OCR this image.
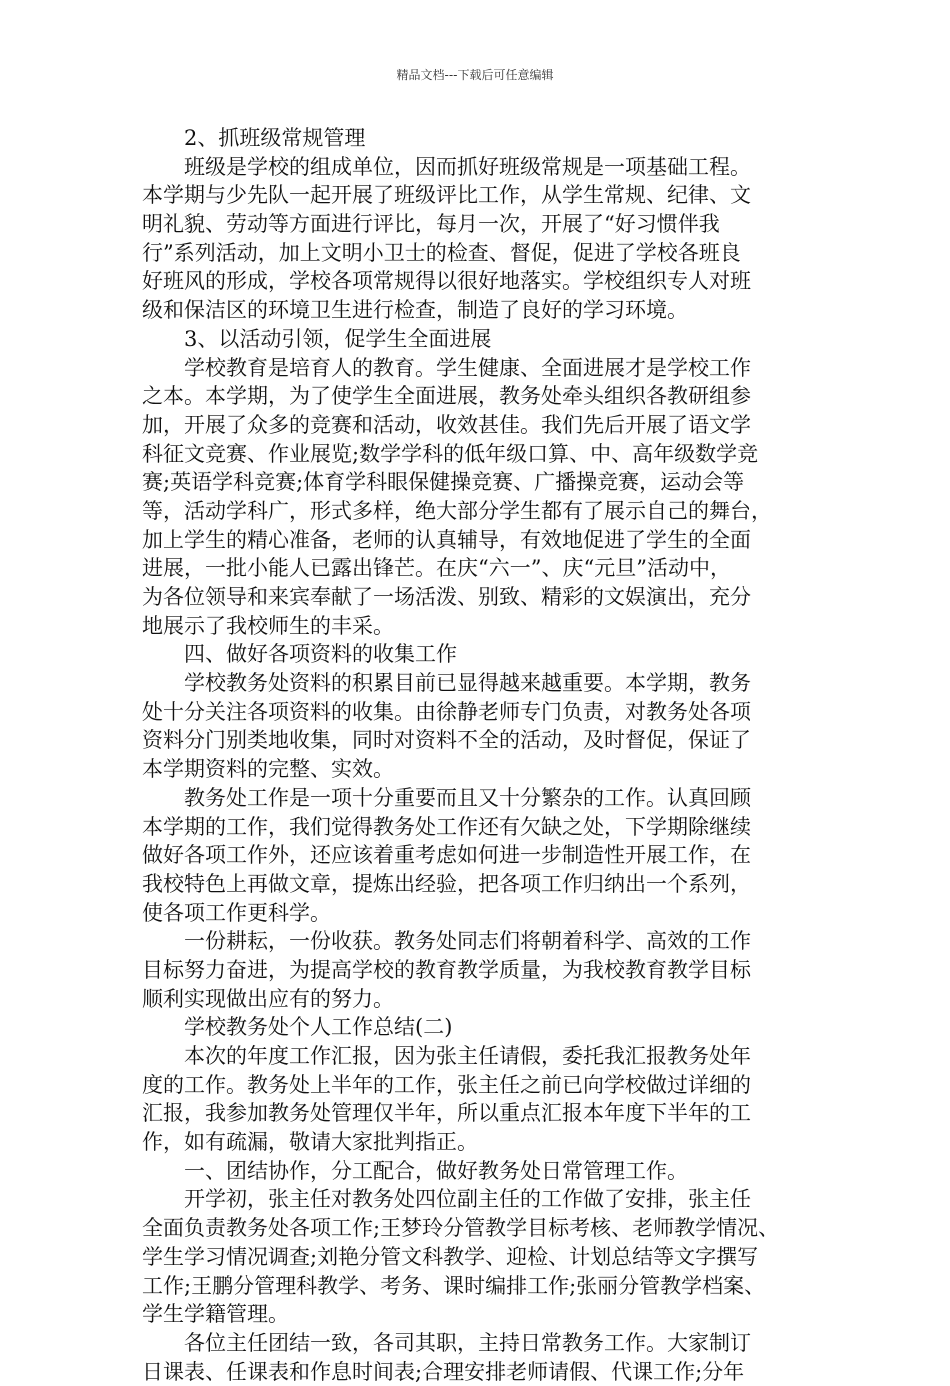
精品文档---下载后可任意编辑
2、抓班级常规管理
班级是学校的组成单位，因而抓好班级常规是一项基础工程。
本学期与少先队一起开展了班级评比工作，从学生常规、纪律、文
明礼貌、劳动等方面进行评比，每月一次，开展了“好习惯伴我
行”系列活动，加上文明小卫士的检查、督促，促进了学校各班良
好班风的形成，学校各项常规得以很好地落实。学校组织专人对班
级和保洁区的环境卫生进行检查，制造了良好的学习环境。
3、以活动引领，促学生全面进展
学校教育是培育人的教育。学生健康、全面进展才是学校工作
之本。本学期，为了使学生全面进展，教务处牵头组织各教研组参
加，开展了众多的竞赛和活动，收效甚佳。我们先后开展了语文学
科征文竞赛、作业展览;数学学科的低年级口算、中、高年级数学竞
赛;英语学科竞赛;体育学科眼保健操竞赛、广播操竞赛，运动会等
等，活动学科广，形式多样，绝大部分学生都有了展示自己的舞台，
加上学生的精心准备，老师的认真辅导，有效地促进了学生的全面
进展，一批小能人已露出锋芒。在庆“六一”、庆“元旦”活动中，
为各位领导和来宾奉献了一场活泼、别致、精彩的文娱演出，充分
地展示了我校师生的丰采。
四、做好各项资料的收集工作
学校教务处资料的积累目前已显得越来越重要。本学期，教务
处十分关注各项资料的收集。由徐静老师专门负责，对教务处各项
资料分门别类地收集，同时对资料不全的活动，及时督促，保证了
本学期资料的完整、实效。
教务处工作是一项十分重要而且又十分繁杂的工作。认真回顾
本学期的工作，我们觉得教务处工作还有欠缺之处，下学期除继续
做好各项工作外，还应该着重考虑如何进一步制造性开展工作，在
我校特色上再做文章，提炼出经验，把各项工作归纳出一个系列，
使各项工作更科学。
一份耕耘，一份收获。教务处同志们将朝着科学、高效的工作
目标努力奋进，为提高学校的教育教学质量，为我校教育教学目标
顺利实现做出应有的努力。
学校教务处个人工作总结(二)
本次的年度工作汇报，因为张主任请假，委托我汇报教务处年
度的工作。教务处上半年的工作，张主任之前已向学校做过详细的
汇报，我参加教务处管理仅半年，所以重点汇报本年度下半年的工
作，如有疏漏，敬请大家批判指正。
一、团结协作，分工配合，做好教务处日常管理工作。
开学初，张主任对教务处四位副主任的工作做了安排，张主任
全面负责教务处各项工作;王梦玲分管教学目标考核、老师教学情况、
学生学习情况调查;刘艳分管文科教学、迎检、计划总结等文字撰写
工作;王鹏分管理科教学、考务、课时编排工作;张丽分管教学档案、
学生学籍管理。
各位主任团结一致，各司其职，主持日常教务工作。大家制订
日课表、任课表和作息时间表;合理安排老师请假、代课工作;分年
